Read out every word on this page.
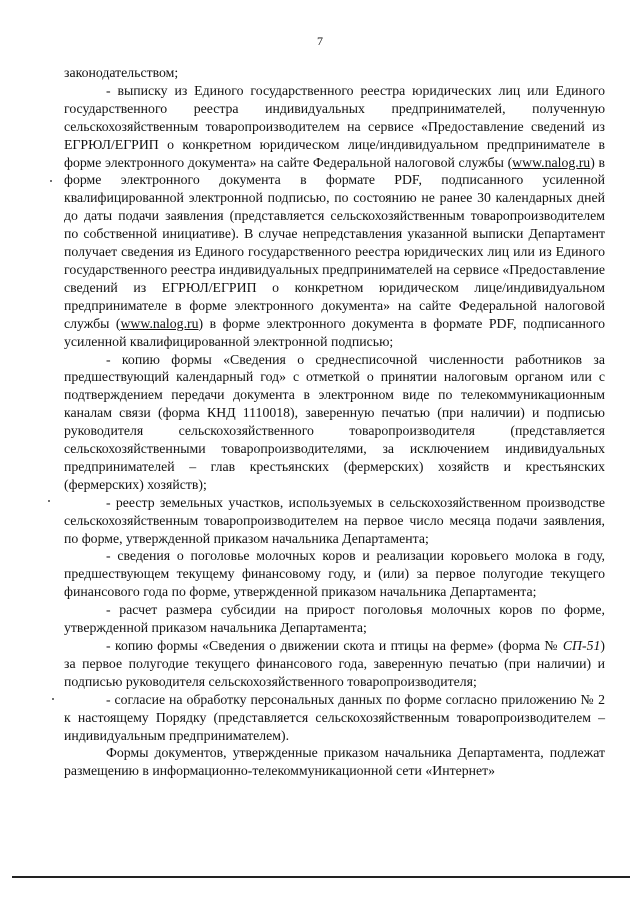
7

законодательством;

- выписку из Единого государственного реестра юридических лиц или Единого государственного реестра индивидуальных предпринимателей, полученную сельскохозяйственным товаропроизводителем на сервисе «Предоставление сведений из ЕГРЮЛ/ЕГРИП о конкретном юридическом лице/индивидуальном предпринимателе в форме электронного документа» на сайте Федеральной налоговой службы (www.nalog.ru) в форме электронного документа в формате PDF, подписанного усиленной квалифицированной электронной подписью, по состоянию не ранее 30 календарных дней до даты подачи заявления (представляется сельскохозяйственным товаропроизводителем по собственной инициативе). В случае непредставления указанной выписки Департамент получает сведения из Единого государственного реестра юридических лиц или из Единого государственного реестра индивидуальных предпринимателей на сервисе «Предоставление сведений из ЕГРЮЛ/ЕГРИП о конкретном юридическом лице/индивидуальном предпринимателе в форме электронного документа» на сайте Федеральной налоговой службы (www.nalog.ru) в форме электронного документа в формате PDF, подписанного усиленной квалифицированной электронной подписью;

- копию формы «Сведения о среднесписочной численности работников за предшествующий календарный год» с отметкой о принятии налоговым органом или с подтверждением передачи документа в электронном виде по телекоммуникационным каналам связи (форма КНД 1110018), заверенную печатью (при наличии) и подписью руководителя сельскохозяйственного товаропроизводителя (представляется сельскохозяйственными товаропроизводителями, за исключением индивидуальных предпринимателей – глав крестьянских (фермерских) хозяйств и крестьянских (фермерских) хозяйств);

- реестр земельных участков, используемых в сельскохозяйственном производстве сельскохозяйственным товаропроизводителем на первое число месяца подачи заявления, по форме, утвержденной приказом начальника Департамента;

- сведения о поголовье молочных коров и реализации коровьего молока в году, предшествующем текущему финансовому году, и (или) за первое полугодие текущего финансового года по форме, утвержденной приказом начальника Департамента;

- расчет размера субсидии на прирост поголовья молочных коров по форме, утвержденной приказом начальника Департамента;

- копию формы «Сведения о движении скота и птицы на ферме» (форма № СП-51) за первое полугодие текущего финансового года, заверенную печатью (при наличии) и подписью руководителя сельскохозяйственного товаропроизводителя;

- согласие на обработку персональных данных по форме согласно приложению № 2 к настоящему Порядку (представляется сельскохозяйственным товаропроизводителем – индивидуальным предпринимателем).

Формы документов, утвержденные приказом начальника Департамента, подлежат размещению в информационно-телекоммуникационной сети «Интернет»
